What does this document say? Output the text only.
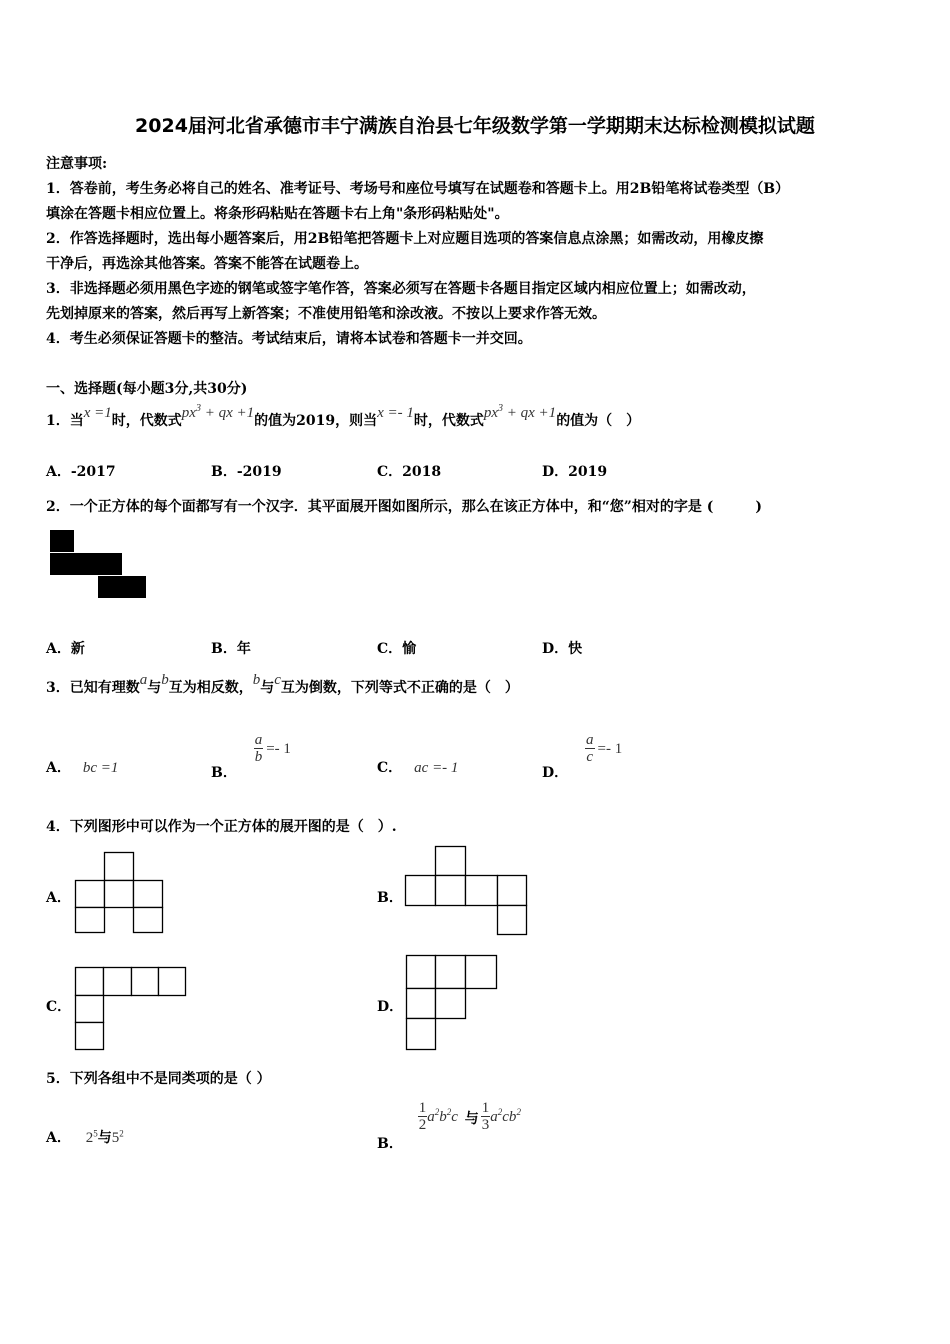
2024届河北省承德市丰宁满族自治县七年级数学第一学期期末达标检测模拟试题
注意事项:
1．答卷前，考生务必将自己的姓名、准考证号、考场号和座位号填写在试题卷和答题卡上。用2B铅笔将试卷类型（B）
填涂在答题卡相应位置上。将条形码粘贴在答题卡右上角"条形码粘贴处"。
2．作答选择题时，选出每小题答案后，用2B铅笔把答题卡上对应题目选项的答案信息点涂黑；如需改动，用橡皮擦
干净后，再选涂其他答案。答案不能答在试题卷上。
3．非选择题必须用黑色字迹的钢笔或签字笔作答，答案必须写在答题卡各题目指定区域内相应位置上；如需改动，
先划掉原来的答案，然后再写上新答案；不准使用铅笔和涂改液。不按以上要求作答无效。
4．考生必须保证答题卡的整洁。考试结束后，请将本试卷和答题卡一并交回。
一、选择题(每小题3分,共30分)
1．当x =1时，代数式$px^3$ + qx +1的值为2019，则当x =- 1时，代数式$px^3$ + qx +1的值为（　）
A．-2017	B．-2019	C．2018	D．2019
2．一个正方体的每个面都写有一个汉字．其平面展开图如图所示，那么在该正方体中，和“您”相对的字是 (　　　)
祝
您 新 年
愉 快
A．新	B．年	C．愉	D．快
3．已知有理数a与b互为相反数，b与c互为倒数，下列等式不正确的是（　）
A． bc =1	B．
$\frac{a}{b} =- 1$
C． ac =- 1	D．
$\frac{a}{c} =- 1$
4．下列图形中可以作为一个正方体的展开图的是（　）.
A．	B．
C．	D．
5．下列各组中不是同类项的是（ ）
A． $2^5$与$5^2$
B．
$\frac{1}{2} a^2b^2c$ 与 $\frac{1}{3} a^2cb^2$
